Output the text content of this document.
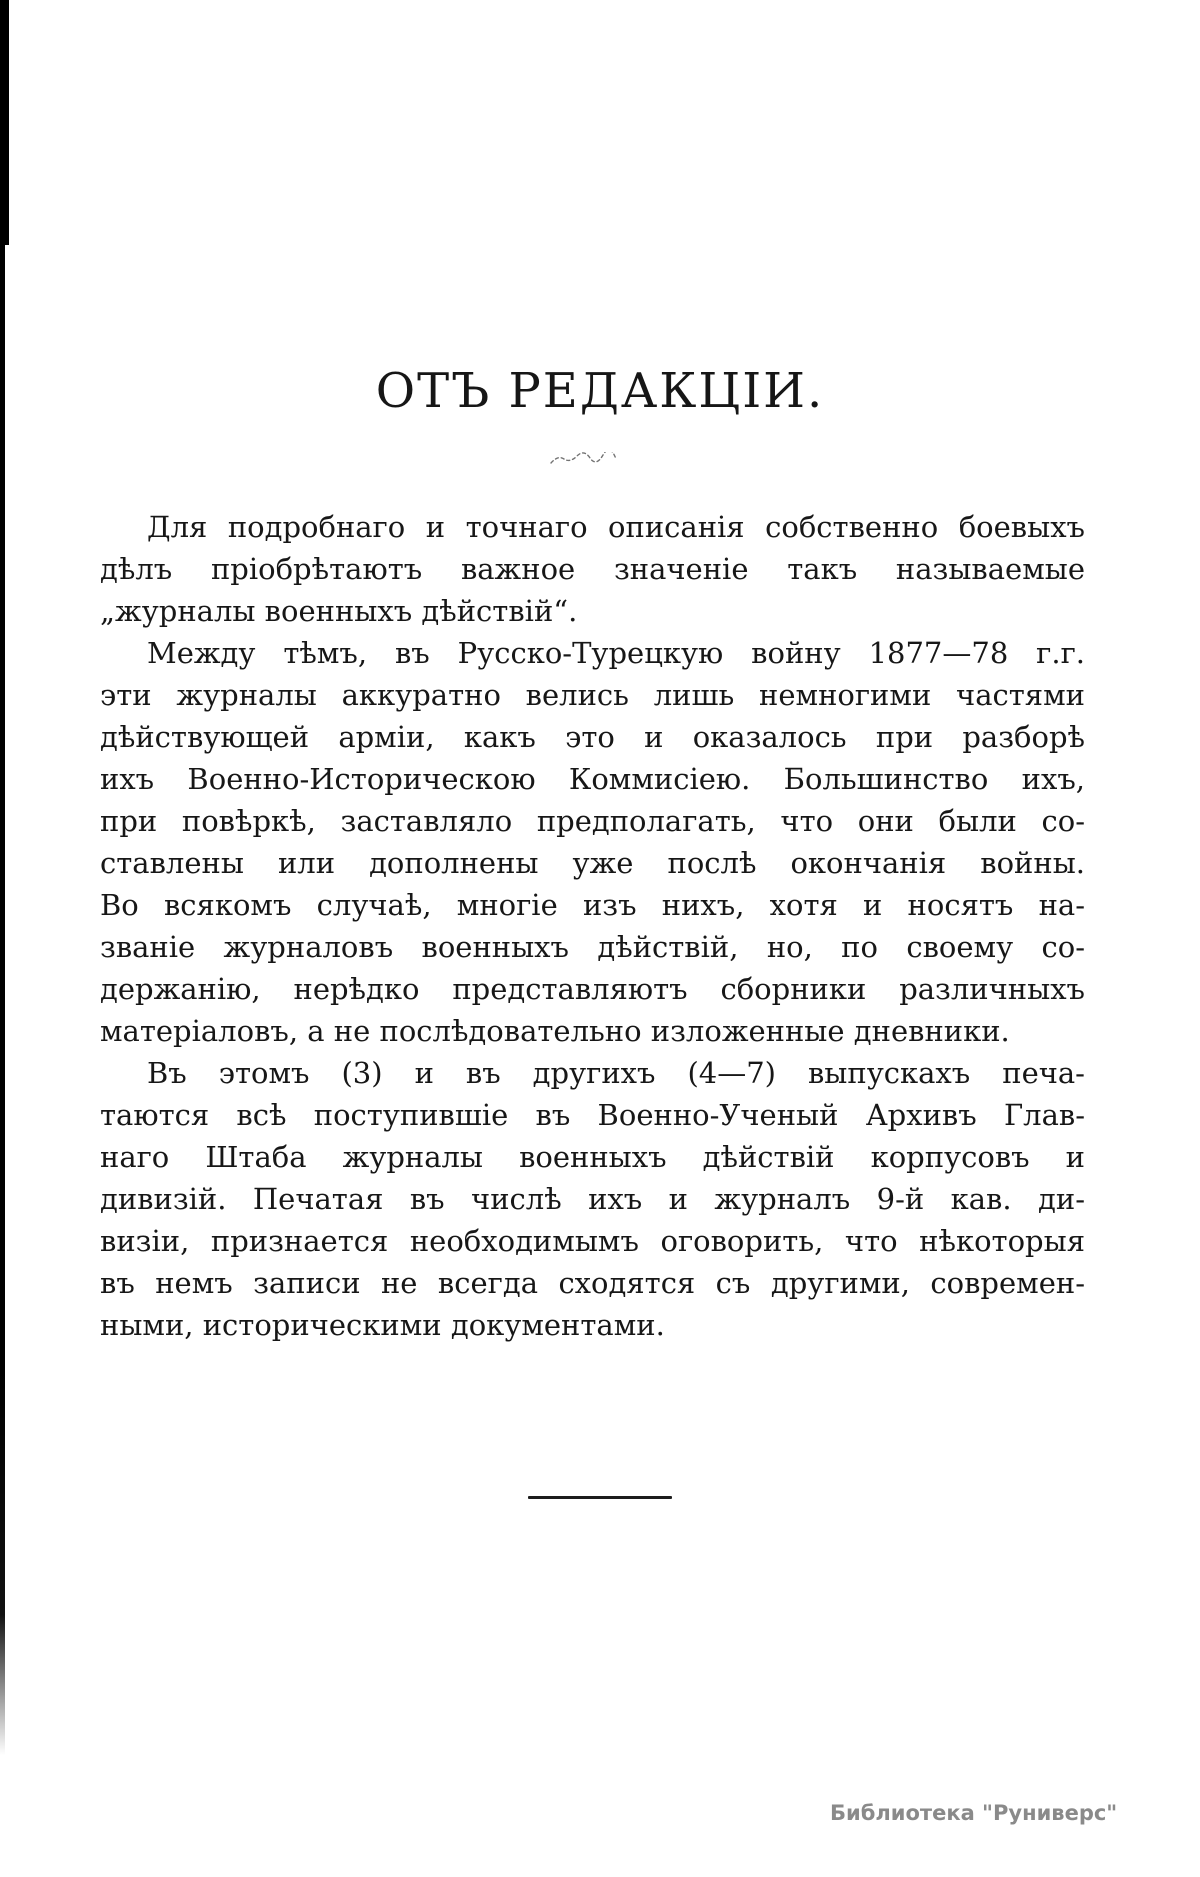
ОТЪ РЕДАКЦІИ.
Для подробнаго и точнаго описанія собственно боевыхъ
дѣлъ пріобрѣтаютъ важное значеніе такъ называемые
„журналы военныхъ дѣйствій“.
Между тѣмъ, въ Русско-Турецкую войну 1877—78 г.г.
эти журналы аккуратно велись лишь немногими частями
дѣйствующей арміи, какъ это и оказалось при разборѣ
ихъ Военно-Историческою Коммисіею. Большинство ихъ,
при повѣркѣ, заставляло предполагать, что они были со-
ставлены или дополнены уже послѣ окончанія войны.
Во всякомъ случаѣ, многіе изъ нихъ, хотя и носятъ на-
званіе журналовъ военныхъ дѣйствій, но, по своему со-
держанію, нерѣдко представляютъ сборники различныхъ
матеріаловъ, а не послѣдовательно изложенные дневники.
Въ этомъ (3) и въ другихъ (4—7) выпускахъ печа-
таются всѣ поступившіе въ Военно-Ученый Архивъ Глав-
наго Штаба журналы военныхъ дѣйствій корпусовъ и
дивизій. Печатая въ числѣ ихъ и журналъ 9-й кав. ди-
визіи, признается необходимымъ оговорить, что нѣкоторыя
въ немъ записи не всегда сходятся съ другими, современ-
ными, историческими документами.
Библиотека "Руниверс"
